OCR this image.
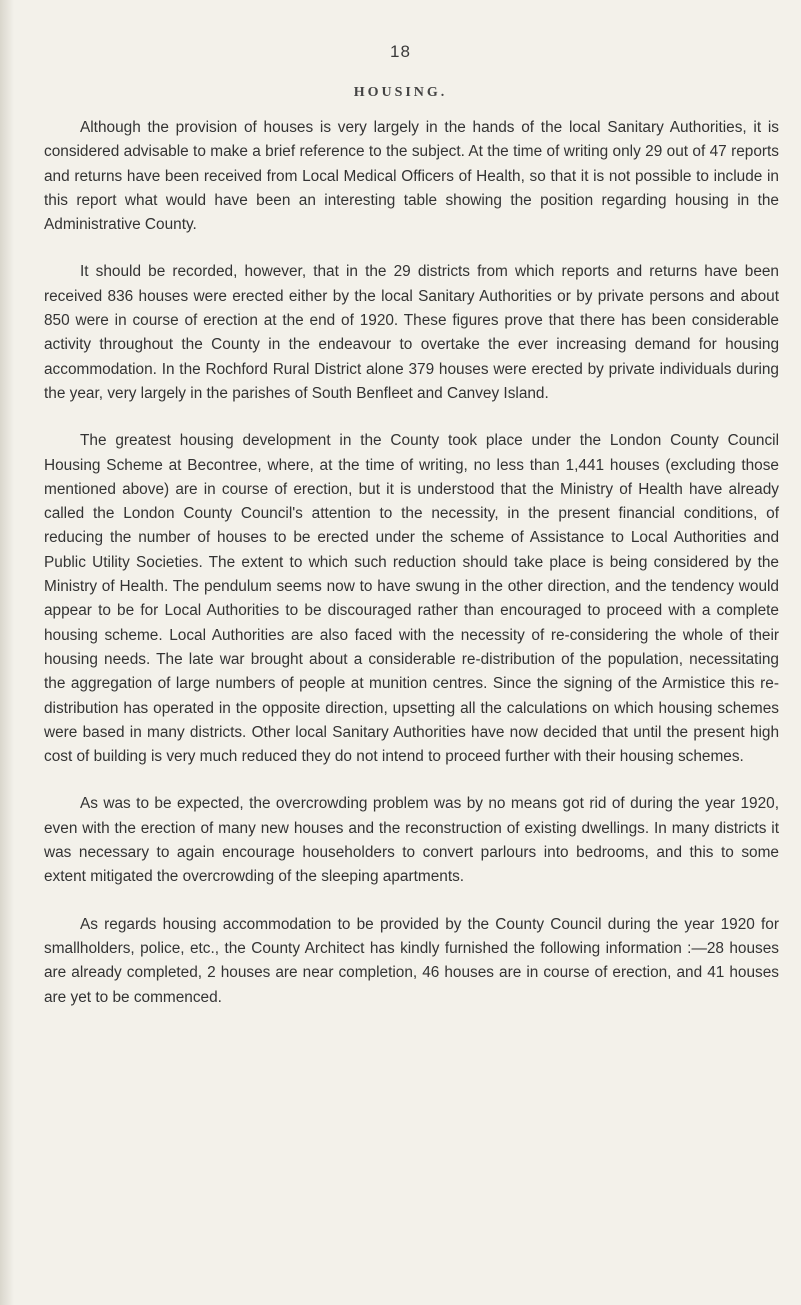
18
HOUSING.

Although the provision of houses is very largely in the hands of the local Sanitary Authorities, it is considered advisable to make a brief reference to the subject. At the time of writing only 29 out of 47 reports and returns have been received from Local Medical Officers of Health, so that it is not possible to include in this report what would have been an interesting table showing the position regarding housing in the Administrative County.

It should be recorded, however, that in the 29 districts from which reports and returns have been received 836 houses were erected either by the local Sanitary Authorities or by private persons and about 850 were in course of erection at the end of 1920. These figures prove that there has been considerable activity throughout the County in the endeavour to overtake the ever increasing demand for housing accommodation. In the Rochford Rural District alone 379 houses were erected by private individuals during the year, very largely in the parishes of South Benfleet and Canvey Island.

The greatest housing development in the County took place under the London County Council Housing Scheme at Becontree, where, at the time of writing, no less than 1,441 houses (excluding those mentioned above) are in course of erection, but it is understood that the Ministry of Health have already called the London County Council's attention to the necessity, in the present financial conditions, of reducing the number of houses to be erected under the scheme of Assistance to Local Authorities and Public Utility Societies. The extent to which such reduction should take place is being considered by the Ministry of Health. The pendulum seems now to have swung in the other direction, and the tendency would appear to be for Local Authorities to be discouraged rather than encouraged to proceed with a complete housing scheme. Local Authorities are also faced with the necessity of re-considering the whole of their housing needs. The late war brought about a considerable re-distribution of the population, necessitating the aggregation of large numbers of people at munition centres. Since the signing of the Armistice this re-distribution has operated in the opposite direction, upsetting all the calculations on which housing schemes were based in many districts. Other local Sanitary Authorities have now decided that until the present high cost of building is very much reduced they do not intend to proceed further with their housing schemes.

As was to be expected, the overcrowding problem was by no means got rid of during the year 1920, even with the erection of many new houses and the reconstruction of existing dwellings. In many districts it was necessary to again encourage householders to convert parlours into bedrooms, and this to some extent mitigated the overcrowding of the sleeping apartments.

As regards housing accommodation to be provided by the County Council during the year 1920 for smallholders, police, etc., the County Architect has kindly furnished the following information :—28 houses are already completed, 2 houses are near completion, 46 houses are in course of erection, and 41 houses are yet to be commenced.
